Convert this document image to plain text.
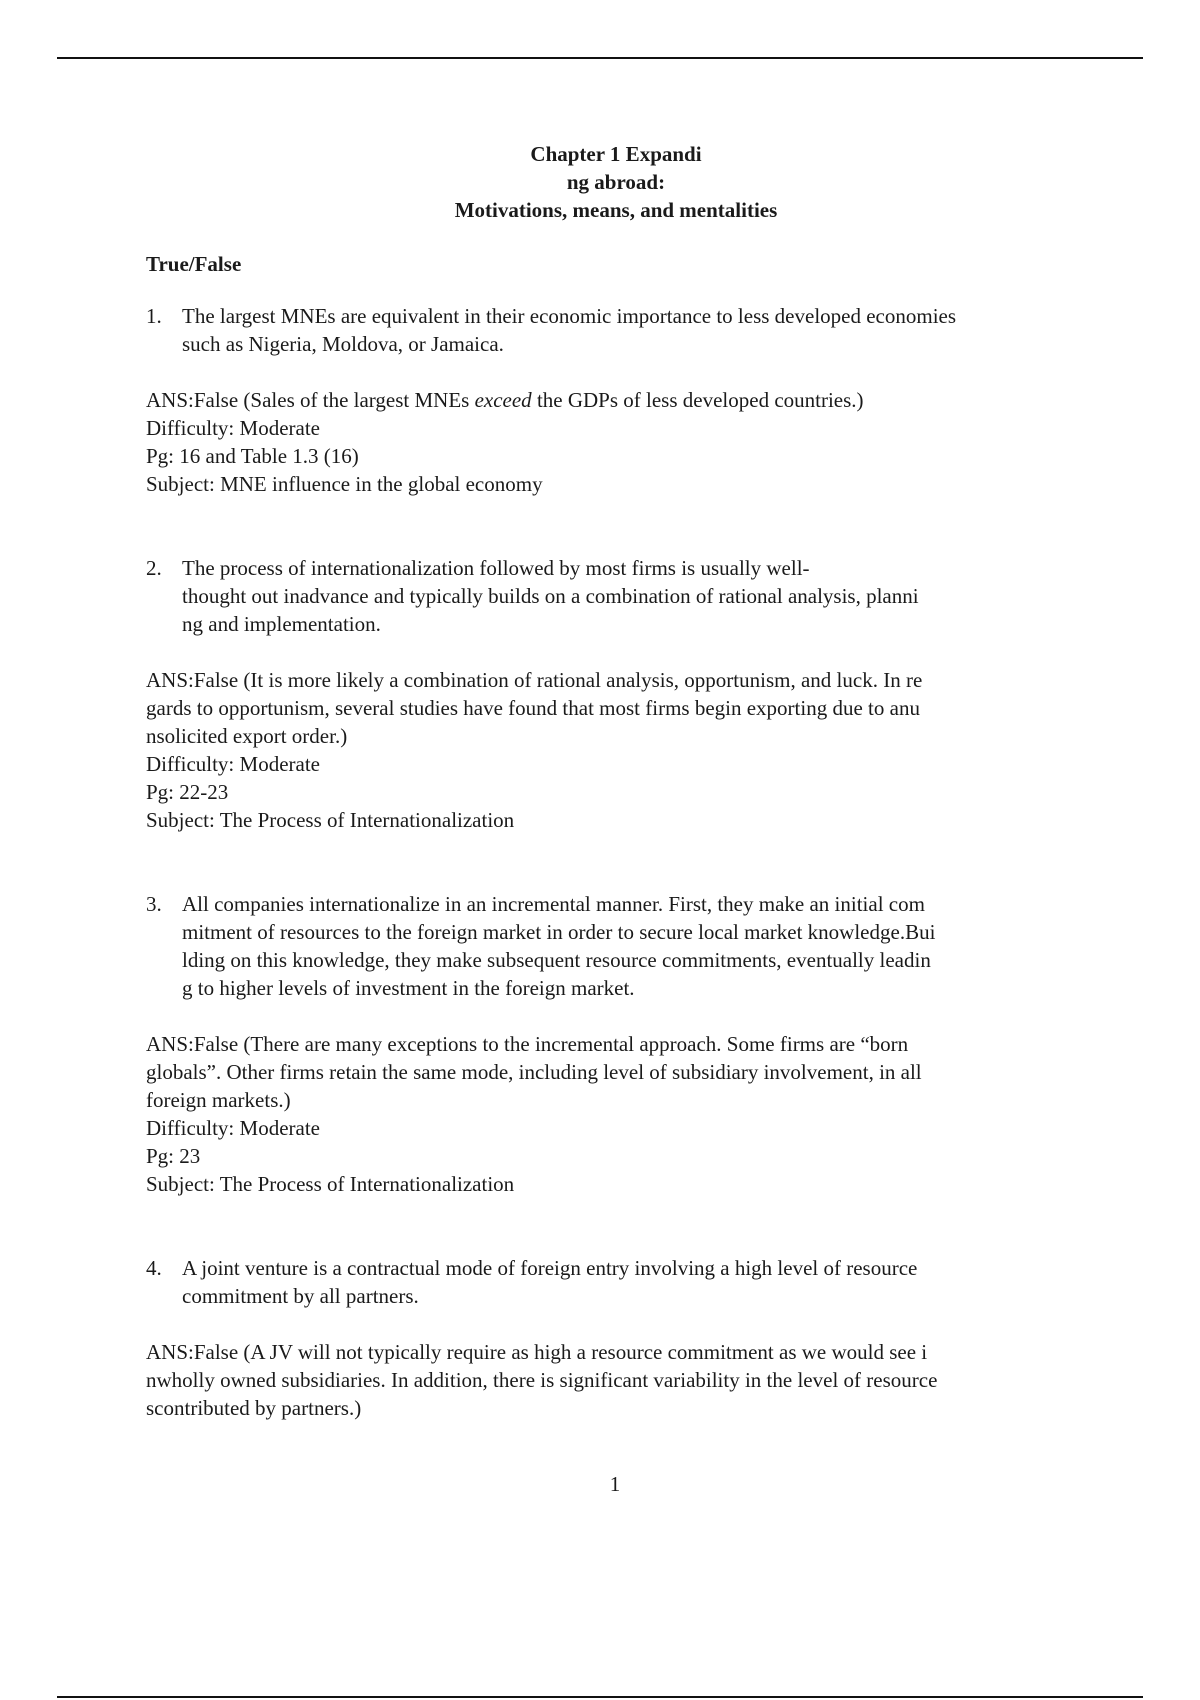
Chapter 1 Expandi
ng abroad:
Motivations, means, and mentalities
True/False
1. The largest MNEs are equivalent in their economic importance to less developed economies
such as Nigeria, Moldova, or Jamaica.
ANS:False (Sales of the largest MNEs exceed the GDPs of less developed countries.)
Difficulty: Moderate
Pg: 16 and Table 1.3 (16)
Subject: MNE influence in the global economy
2. The process of internationalization followed by most firms is usually well-
thought out inadvance and typically builds on a combination of rational analysis, planni
ng and implementation.
ANS:False (It is more likely a combination of rational analysis, opportunism, and luck. In re
gards to opportunism, several studies have found that most firms begin exporting due to anu
nsolicited export order.)
Difficulty: Moderate
Pg: 22-23
Subject: The Process of Internationalization
3. All companies internationalize in an incremental manner. First, they make an initial com
mitment of resources to the foreign market in order to secure local market knowledge.Bui
lding on this knowledge, they make subsequent resource commitments, eventually leadin
g to higher levels of investment in the foreign market.
ANS:False (There are many exceptions to the incremental approach. Some firms are “born
globals”. Other firms retain the same mode, including level of subsidiary involvement, in all
foreign markets.)
Difficulty: Moderate
Pg: 23
Subject: The Process of Internationalization
4. A joint venture is a contractual mode of foreign entry involving a high level of resource
commitment by all partners.
ANS:False (A JV will not typically require as high a resource commitment as we would see i
nwholly owned subsidiaries. In addition, there is significant variability in the level of resource
scontributed by partners.)
1
